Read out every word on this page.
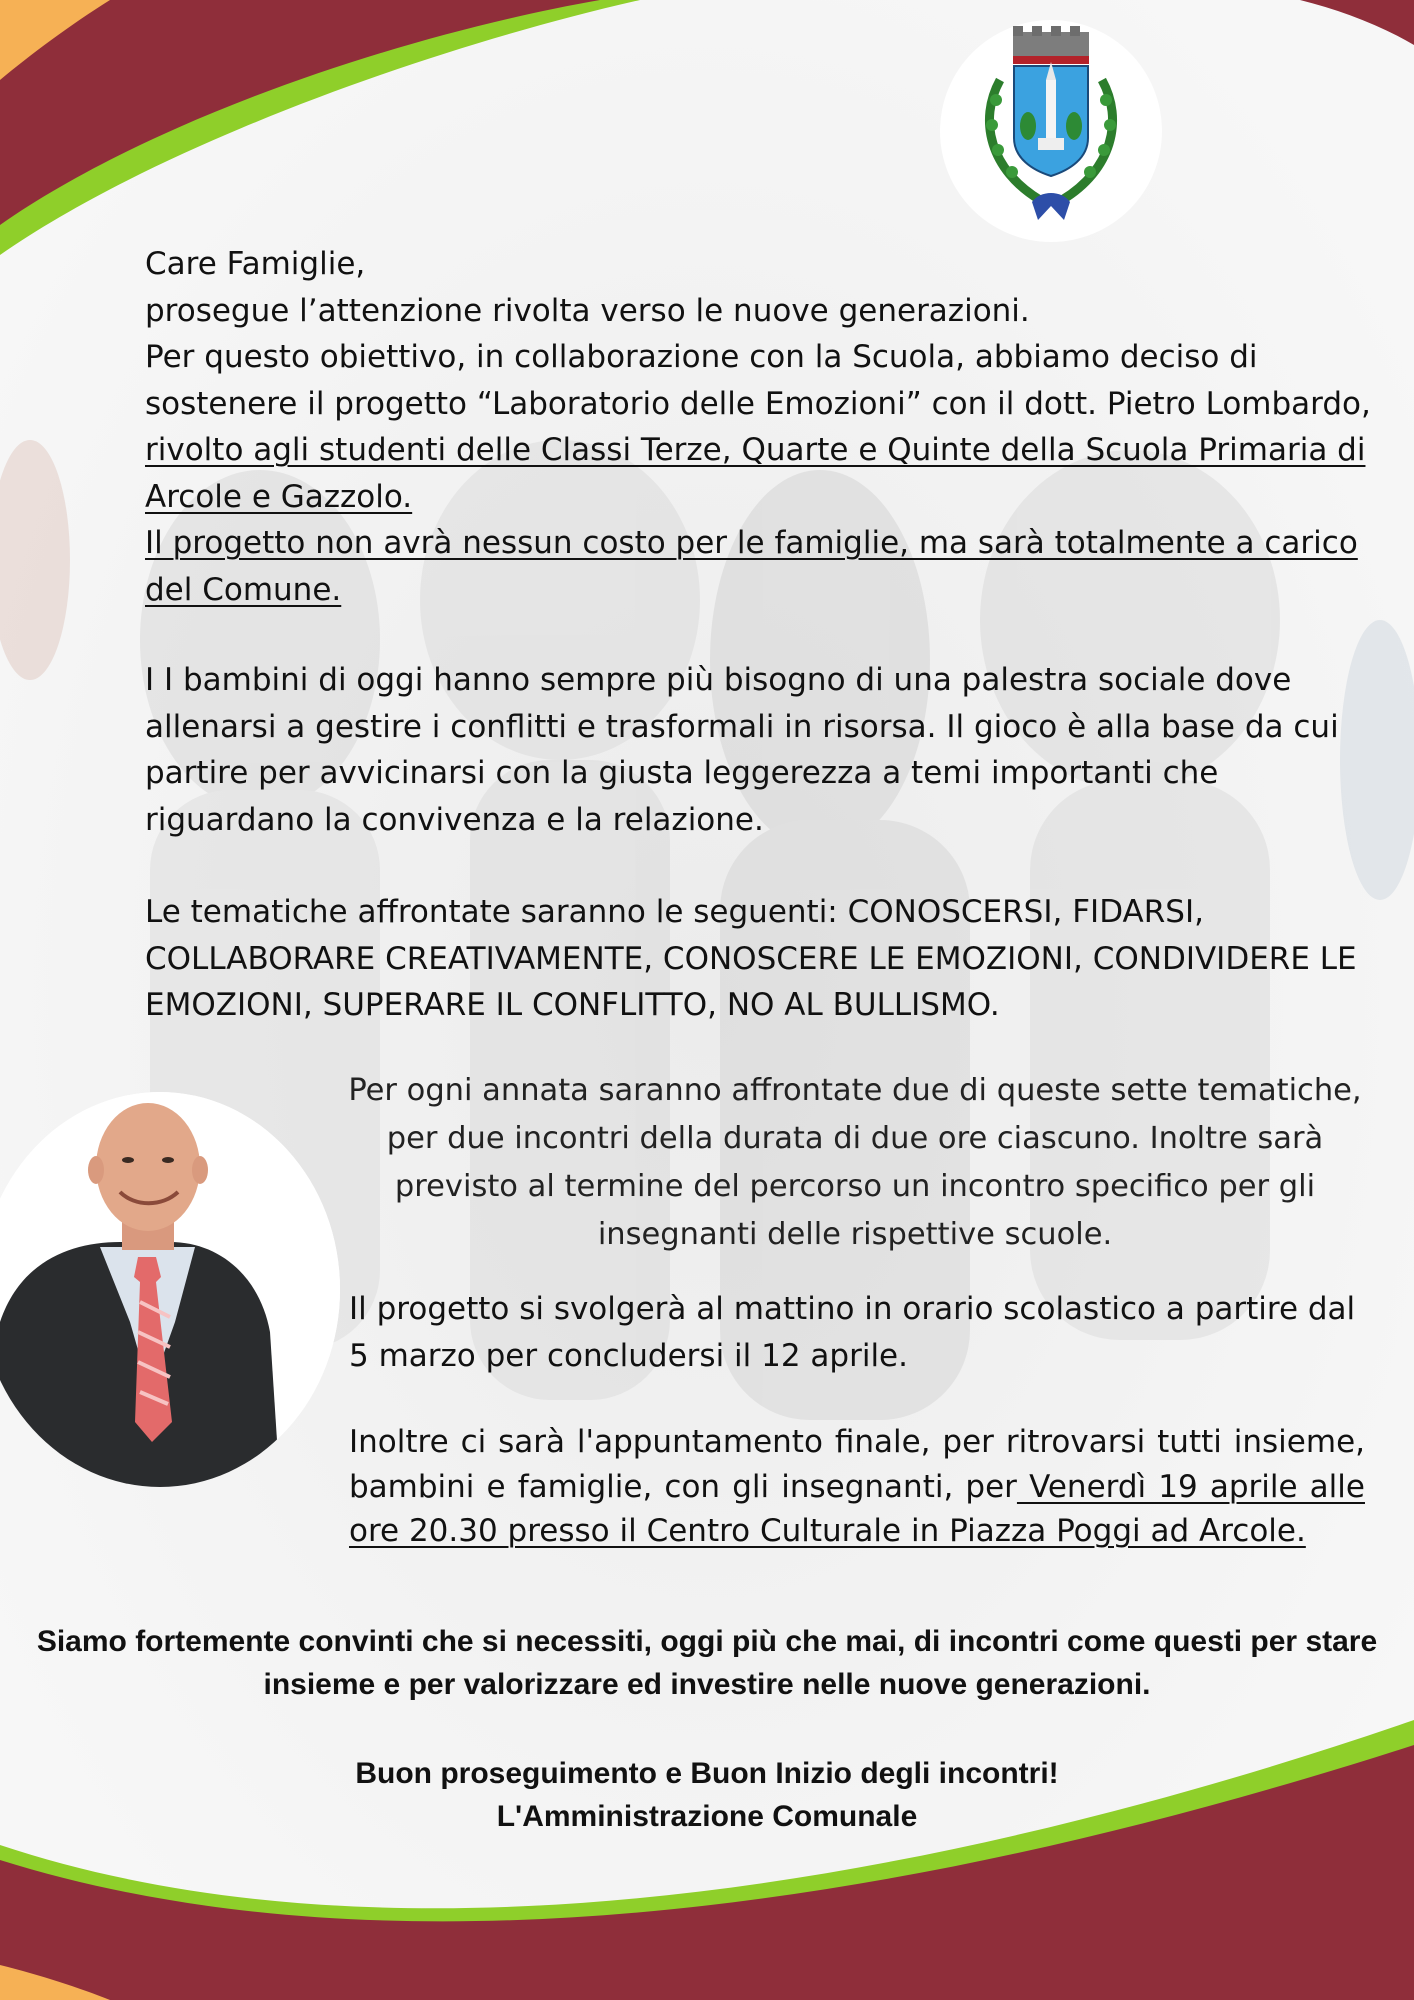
Care Famiglie,

prosegue l’attenzione rivolta verso le nuove generazioni.

Per questo obiettivo, in collaborazione con la Scuola, abbiamo deciso di sostenere il progetto “Laboratorio delle Emozioni” con il dott. Pietro Lombardo, rivolto agli studenti delle Classi Terze, Quarte e Quinte della Scuola Primaria di Arcole e Gazzolo.

Il progetto non avrà nessun costo per le famiglie, ma sarà totalmente a carico del Comune.

I I bambini di oggi hanno sempre più bisogno di una palestra sociale dove allenarsi a gestire i conflitti e trasformali in risorsa. Il gioco è alla base da cui partire per avvicinarsi con la giusta leggerezza a temi importanti che riguardano la convivenza e la relazione.

Le tematiche affrontate saranno le seguenti: CONOSCERSI, FIDARSI, COLLABORARE CREATIVAMENTE, CONOSCERE LE EMOZIONI, CONDIVIDERE LE EMOZIONI, SUPERARE IL CONFLITTO, NO AL BULLISMO.

Per ogni annata saranno affrontate due di queste sette tematiche, per due incontri della durata di due ore ciascuno. Inoltre sarà previsto al termine del percorso un incontro specifico per gli insegnanti delle rispettive scuole.

Il progetto si svolgerà al mattino in orario scolastico a partire dal 5 marzo per concludersi il 12 aprile.

Inoltre ci sarà l'appuntamento finale, per ritrovarsi tutti insieme, bambini e famiglie, con gli insegnanti, per Venerdì 19 aprile alle ore 20.30 presso il Centro Culturale in Piazza Poggi ad Arcole.

Siamo fortemente convinti che si necessiti, oggi più che mai, di incontri come questi per stare insieme e per valorizzare ed investire nelle nuove generazioni.

Buon proseguimento e Buon Inizio degli incontri!

L'Amministrazione Comunale
